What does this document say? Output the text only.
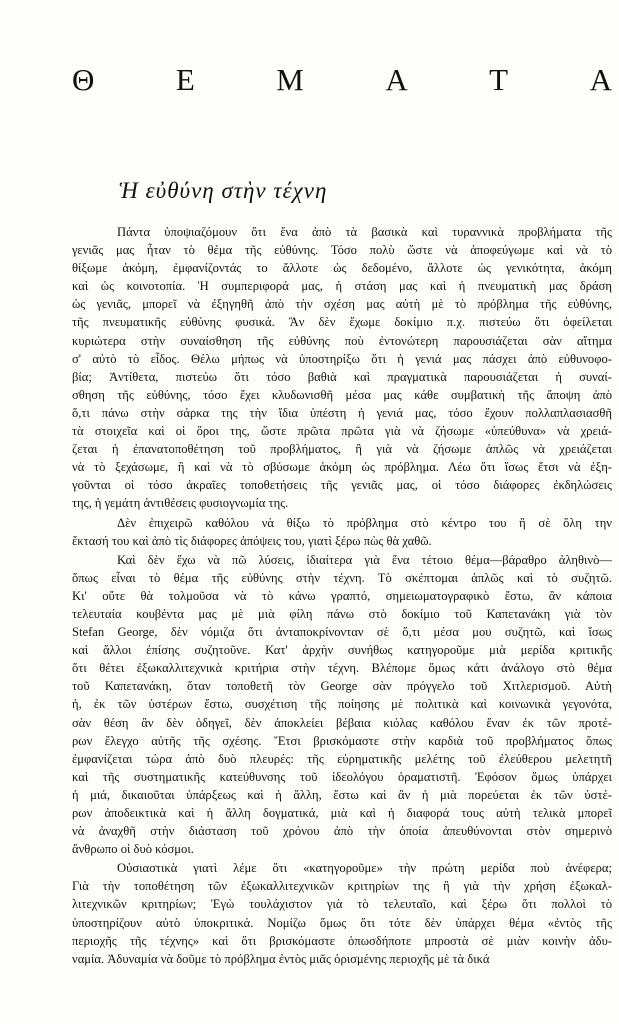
Θ	Ε	Μ	Α	Τ	Α
Ἡ εὐθύνη στὴν τέχνη
Πάντα ὑποψιαζόμουν ὅτι ἕνα ἀπὸ τὰ βασικὰ καὶ τυραννικὰ προβλήματα τῆς
γενιᾶς μας ἦταν τὸ θέμα τῆς εὐθύνης. Τόσο πολὺ ὥστε νὰ ἀποφεύγωμε καὶ νὰ τὸ
θίξωμε ἀκόμη, ἐμφανίζοντάς το ἄλλοτε ὡς δεδομένο, ἄλλοτε ὡς γενικότητα, ἀκόμη
καὶ ὡς κοινοτοπία. Ἡ συμπεριφορά μας, ἡ στάση μας καὶ ἡ πνευματικὴ μας δράση
ὡς γενιᾶς, μπορεῖ νὰ ἐξηγηθῆ ἀπὸ τὴν σχέση μας αὐτὴ μὲ τὸ πρόβλημα τῆς εὐθύνης,
τῆς πνευματικῆς εὐθύνης φυσικά. Ἂν δὲν ἔχωμε δοκίμιο π.χ. πιστεύω ὅτι ὀφείλεται
κυριώτερα στὴν συναίσθηση τῆς εὐθύνης ποὺ ἐντονώτερη παρουσιάζεται σὰν αἴτημα
σ' αὐτὸ τὸ εἶδος. Θέλω μήπως νὰ ὑποστηρίξω ὅτι ἡ γενιά μας πάσχει ἀπὸ εὐθυνοφο-
βία; Ἀντίθετα, πιστεύω ὅτι τόσο βαθιὰ καὶ πραγματικὰ παρουσιάζεται ἡ συναί-
σθηση τῆς εὐθύνης, τόσο ἔχει κλυδωνισθῆ μέσα μας κάθε συμβατικὴ τῆς ἄποψη ἀπὸ
ὅ,τι πάνω στὴν σάρκα της τὴν ἴδια ὑπέστη ἡ γενιά μας, τόσο ἔχουν πολλαπλασιασθῆ
τὰ στοιχεῖα καὶ οἱ ὅροι της, ὥστε πρῶτα πρῶτα γιὰ νὰ ζήσωμε «ὑπεύθυνα» νὰ χρειά-
ζεται ἡ ἐπανατοποθέτηση τοῦ προβλήματος, ἢ γιὰ νὰ ζήσωμε ἁπλῶς νὰ χρειάζεται
νὰ τὸ ξεχάσωμε, ἢ καὶ νὰ τὸ σβύσωμε ἀκόμη ὡς πρόβλημα. Λέω ὅτι ἴσως ἔτσι νὰ ἐξη-
γοῦνται οἱ τόσο ἀκραῖες τοποθετήσεις τῆς γενιᾶς μας, οἱ τόσο διάφορες ἐκδηλώσεις
της, ἡ γεμάτη ἀντιθέσεις φυσιογνωμία της.
Δὲν ἐπιχειρῶ καθόλου νὰ θίξω τὸ πρόβλημα στὸ κέντρο του ἢ σὲ ὅλη την
ἔκτασή του καὶ ἀπὸ τὶς διάφορες ἀπόψεις του, γιατὶ ξέρω πὼς θὰ χαθῶ.
Καὶ δὲν ἔχω νὰ πῶ λύσεις, ἰδιαίτερα γιὰ ἕνα τέτοιο θέμα—βάραθρο ἀληθινὸ—
ὅπως εἶναι τὸ θέμα τῆς εὐθύνης στὴν τέχνη. Τὸ σκέπτομαι ἁπλῶς καὶ τὸ συζητῶ.
Κι' οὔτε θὰ τολμοῦσα νὰ τὸ κάνω γραπτό, σημειωματογραφικὸ ἔστω, ἂν κάποια
τελευταία κουβέντα μας μὲ μιὰ φίλη πάνω στὸ δοκίμιο τοῦ Καπετανάκη γιὰ τὸν
Stefan George, δὲν νόμιζα ὅτι ἀνταποκρίνονταν σὲ ὅ,τι μέσα μου συζητῶ, καὶ ἴσως
καὶ ἄλλοι ἐπίσης συζητοῦνε. Κατ' ἀρχὴν συνήθως κατηγοροῦμε μιὰ μερίδα κριτικῆς
ὅτι θέτει ἐξωκαλλιτεχνικὰ κριτήρια στὴν τέχνη. Βλέπομε ὅμως κάτι ἀνάλογο στὸ θέμα
τοῦ Καπετανάκη, ὅταν τοποθετῆ τὸν George σὰν πρόγγελο τοῦ Χιτλερισμοῦ. Αὐτὴ
ἡ, ἐκ τῶν ὑστέρων ἔστω, συσχέτιση τῆς ποίησης μὲ πολιτικὰ καὶ κοινωνικὰ γεγονότα,
σὰν θέση ἂν δὲν ὁδηγεῖ, δὲν ἀποκλείει βέβαια κιόλας καθόλου ἕναν ἐκ τῶν προτέ-
ρων ἔλεγχο αὐτῆς τῆς σχέσης. Ἔτσι βρισκόμαστε στὴν καρδιὰ τοῦ προβλήματος ὅπως
ἐμφανίζεται τώρα ἀπὸ δυὸ πλευρές: τῆς εὐρηματικῆς μελέτης τοῦ ἐλεύθερου μελετητῆ
καὶ τῆς συστηματικῆς κατεύθυνσης τοῦ ἰδεολόγου ὁραματιστῆ. Ἐφόσον ὅμως ὑπάρχει
ἡ μιά, δικαιοῦται ὑπάρξεως καὶ ἡ ἄλλη, ἔστω καὶ ἂν ἡ μιὰ πορεύεται ἐκ τῶν ὑστέ-
ρων ἀποδεικτικὰ καὶ ἡ ἄλλη δογματικά, μιὰ καὶ ἡ διαφορά τους αὐτὴ τελικὰ μπορεῖ
νὰ ἀναχθῆ στὴν διάσταση τοῦ χρόνου ἀπὸ τὴν ὁποία ἀπευθύνονται στὸν σημερινὸ
ἄνθρωπο οἱ δυὸ κόσμοι.
Οὐσιαστικὰ γιατὶ λέμε ὅτι «κατηγοροῦμε» τὴν πρώτη μερίδα ποὺ ἀνέφερα;
Γιὰ τὴν τοποθέτηση τῶν ἐξωκαλλιτεχνικῶν κριτηρίων της ἢ γιὰ τὴν χρήση ἐξωκαλ-
λιτεχνικῶν κριτηρίων; Ἐγὼ τουλάχιστον γιὰ τὸ τελευταῖο, καὶ ξέρω ὅτι πολλοὶ τὸ
ὑποστηρίζουν αὐτὸ ὑποκριτικά. Νομίζω ὅμως ὅτι τότε δὲν ὑπάρχει θέμα «ἐντὸς τῆς
περιοχῆς τῆς τέχνης» καὶ ὅτι βρισκόμαστε ὁπωσδήποτε μπροστὰ σὲ μιὰν κοινὴν ἀδυ-
ναμία. Ἀδυναμία νὰ δοῦμε τὸ πρόβλημα ἐντὸς μιᾶς ὁρισμένης περιοχῆς μὲ τὰ δικά
